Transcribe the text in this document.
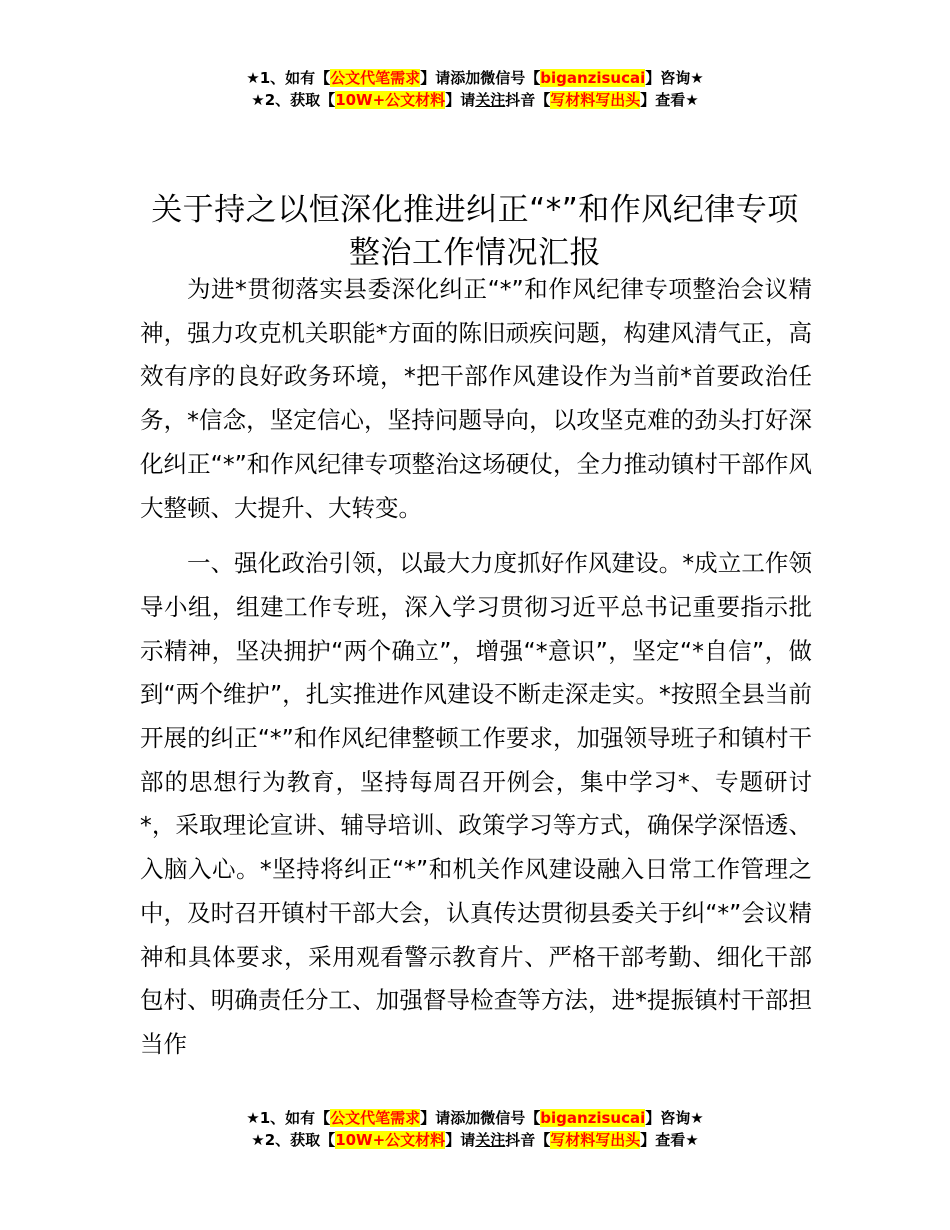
★1、如有【公文代笔需求】请添加微信号【biganzisucai】咨询★
★2、获取【10W+公文材料】请关注抖音【写材料写出头】查看★
关于持之以恒深化推进纠正“*”和作风纪律专项整治工作情况汇报

为进*贯彻落实县委深化纠正“*”和作风纪律专项整治会议精神，强力攻克机关职能*方面的陈旧顽疾问题，构建风清气正，高效有序的良好政务环境，*把干部作风建设作为当前*首要政治任务，*信念，坚定信心，坚持问题导向，以攻坚克难的劲头打好深化纠正“*”和作风纪律专项整治这场硬仗，全力推动镇村干部作风大整顿、大提升、大转变。

一、强化政治引领，以最大力度抓好作风建设。*成立工作领导小组，组建工作专班，深入学习贯彻习近平总书记重要指示批示精神，坚决拥护“两个确立”，增强“*意识”，坚定“*自信”，做到“两个维护”，扎实推进作风建设不断走深走实。*按照全县当前开展的纠正“*”和作风纪律整顿工作要求，加强领导班子和镇村干部的思想行为教育，坚持每周召开例会，集中学习*、专题研讨*，采取理论宣讲、辅导培训、政策学习等方式，确保学深悟透、入脑入心。*坚持将纠正“*”和机关作风建设融入日常工作管理之中，及时召开镇村干部大会，认真传达贯彻县委关于纠“*”会议精神和具体要求，采用观看警示教育片、严格干部考勤、细化干部包村、明确责任分工、加强督导检查等方法，进*提振镇村干部担当作

★1、如有【公文代笔需求】请添加微信号【biganzisucai】咨询★
★2、获取【10W+公文材料】请关注抖音【写材料写出头】查看★
